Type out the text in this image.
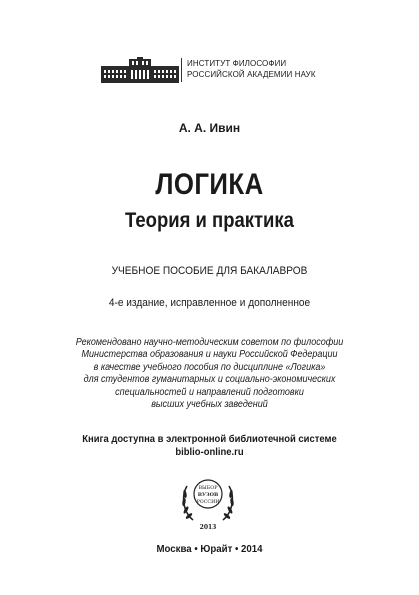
ИНСТИТУТ ФИЛОСОФИИ
РОССИЙСКОЙ АКАДЕМИИ НАУК
А. А. Ивин
ЛОГИКА
Теория и практика
УЧЕБНОЕ ПОСОБИЕ ДЛЯ БАКАЛАВРОВ
4-е издание, исправленное и дополненное
Рекомендовано научно-методическим советом по философии
Министерства образования и науки Российской Федерации
в качестве учебного пособия по дисциплине «Логика»
для студентов гуманитарных и социально-экономических
специальностей и направлений подготовки
высших учебных заведений
Книга доступна в электронной библиотечной системе
biblio-online.ru
ВЫБОР
ВУЗОВ
РОССИИ
2013
Москва • Юрайт • 2014
